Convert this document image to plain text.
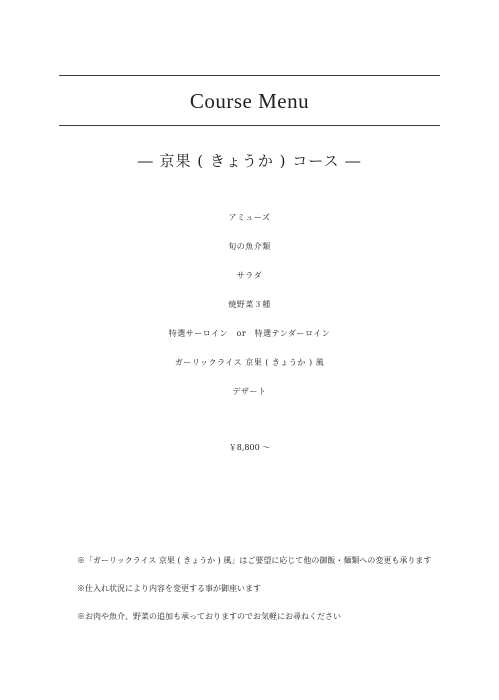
Course Menu
― 京果 ( きょうか ) コース ―
アミューズ
旬の魚介類
サラダ
焼野菜３種
特選サーロイン　or　特選テンダーロイン
ガーリックライス 京果 ( きょうか ) 風
デザート
￥8,800 ～
※「ガーリックライス 京果 ( きょうか ) 風」はご要望に応じて他の御飯・麺類への変更も承ります
※仕入れ状況により内容を変更する事が御座います
※お肉や魚介、野菜の追加も承っておりますのでお気軽にお尋ねください
